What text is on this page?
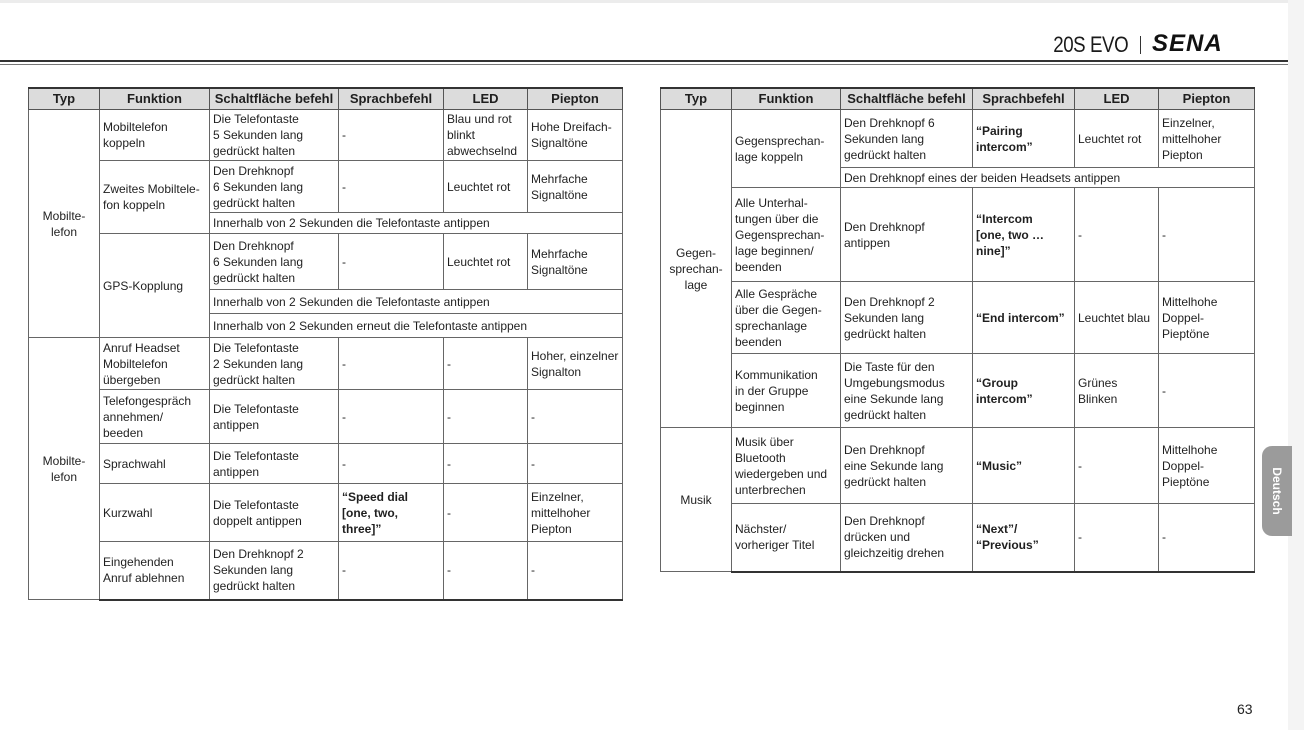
20S EVO SENA
Typ	Funktion	Schaltfläche befehl	Sprachbefehl	LED	Piepton
Mobilte-
lefon	Mobiltelefon
koppeln	Die Telefontaste
5 Sekunden lang
gedrückt halten	-	Blau und rot
blinkt
abwechselnd	Hohe Dreifach-
Signaltöne
	Zweites Mobiltele-
fon koppeln	Den Drehknopf
6 Sekunden lang
gedrückt halten	-	Leuchtet rot	Mehrfache
Signaltöne
		Innerhalb von 2 Sekunden die Telefontaste antippen			
	GPS-Kopplung	Den Drehknopf
6 Sekunden lang
gedrückt halten	-	Leuchtet rot	Mehrfache
Signaltöne
		Innerhalb von 2 Sekunden die Telefontaste antippen			
		Innerhalb von 2 Sekunden erneut die Telefontaste antippen			
Mobilte-
lefon	Anruf Headset
Mobiltelefon
übergeben	Die Telefontaste
2 Sekunden lang
gedrückt halten	-	-	Hoher, einzelner
Signalton
	Telefongespräch
annehmen/
beeden	Die Telefontaste
antippen	-	-	-
	Sprachwahl	Die Telefontaste
antippen	-	-	-
	Kurzwahl	Die Telefontaste
doppelt antippen	“Speed dial
[one, two, three]”	-	Einzelner,
mittelhoher
Piepton
	Eingehenden
Anruf ablehnen	Den Drehknopf 2
Sekunden lang
gedrückt halten	-	-	-
Typ	Funktion	Schaltfläche befehl	Sprachbefehl	LED	Piepton
Gegen-
sprechan-
lage	Gegensprechan-
lage koppeln	Den Drehknopf 6
Sekunden lang
gedrückt halten	“Pairing
intercom”	Leuchtet rot	Einzelner,
mittelhoher
Piepton
		Den Drehknopf eines der beiden Headsets antippen			
	Alle Unterhal-
tungen über die
Gegensprechan-
lage beginnen/
beenden	Den Drehknopf
antippen	“Intercom
[one, two … nine]”	-	-
	Alle Gespräche
über die Gegen-
sprechanlage
beenden	Den Drehknopf 2
Sekunden lang
gedrückt halten	“End intercom”	Leuchtet blau	Mittelhohe
Doppel-
Pieptöne
	Kommunikation
in der Gruppe
beginnen	Die Taste für den
Umgebungsmodus
eine Sekunde lang
gedrückt halten	“Group
intercom”	Grünes
Blinken	-
Musik	Musik über
Bluetooth
wiedergeben und
unterbrechen	Den Drehknopf
eine Sekunde lang
gedrückt halten	“Music”	-	Mittelhohe
Doppel-
Pieptöne
	Nächster/
vorheriger Titel	Den Drehknopf
drücken und
gleichzeitig drehen	“Next”/
“Previous”	-	-
Deutsch
63
